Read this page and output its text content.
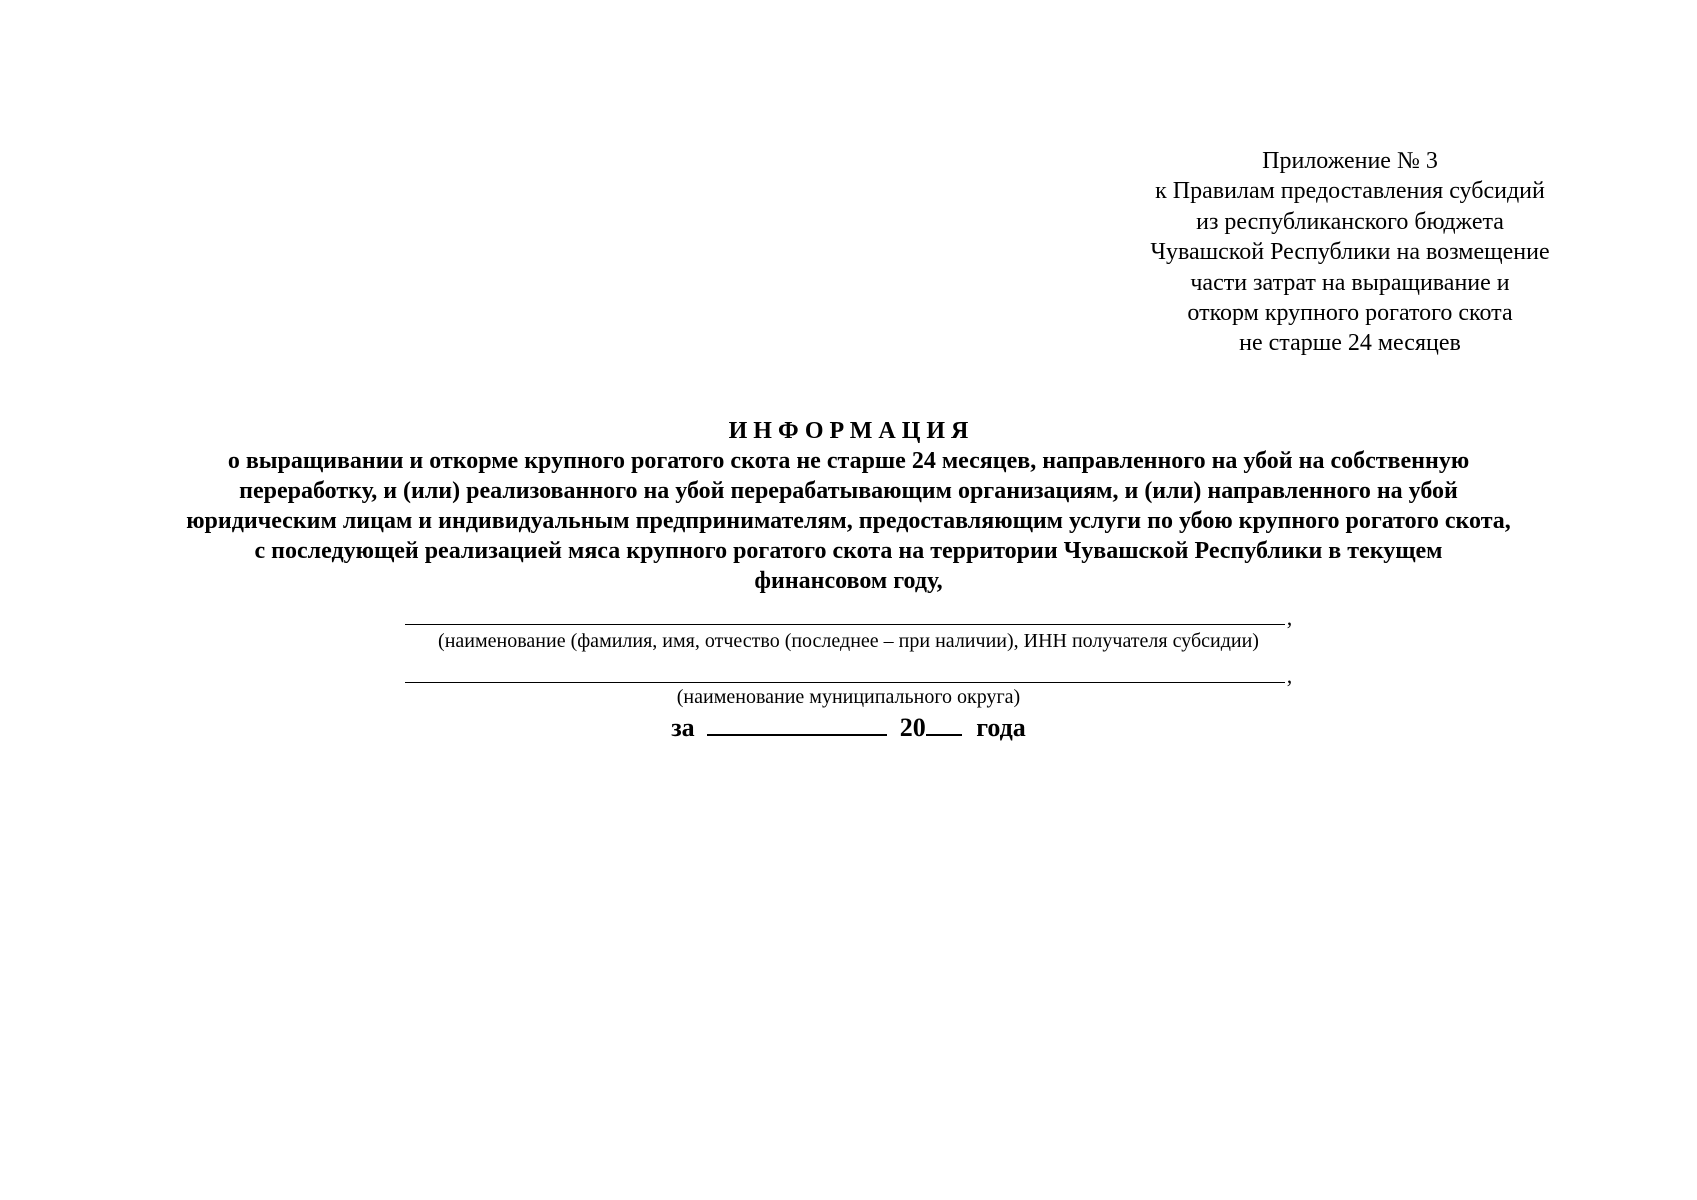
Приложение № 3
к Правилам предоставления субсидий
из республиканского бюджета
Чувашской Республики на возмещение
части затрат на выращивание и
откорм крупного рогатого скота
не старше 24 месяцев
ИНФОРМАЦИЯ
о выращивании и откорме крупного рогатого скота не старше 24 месяцев, направленного на убой на собственную
переработку, и (или) реализованного на убой перерабатывающим организациям, и (или) направленного на убой
юридическим лицам и индивидуальным предпринимателям, предоставляющим услуги по убою крупного рогатого скота,
с последующей реализацией мяса крупного рогатого скота на территории Чувашской Республики в текущем
финансовом году,
,
(наименование (фамилия, имя, отчество (последнее – при наличии), ИНН получателя субсидии)
,
(наименование муниципального округа)
за	20 года
